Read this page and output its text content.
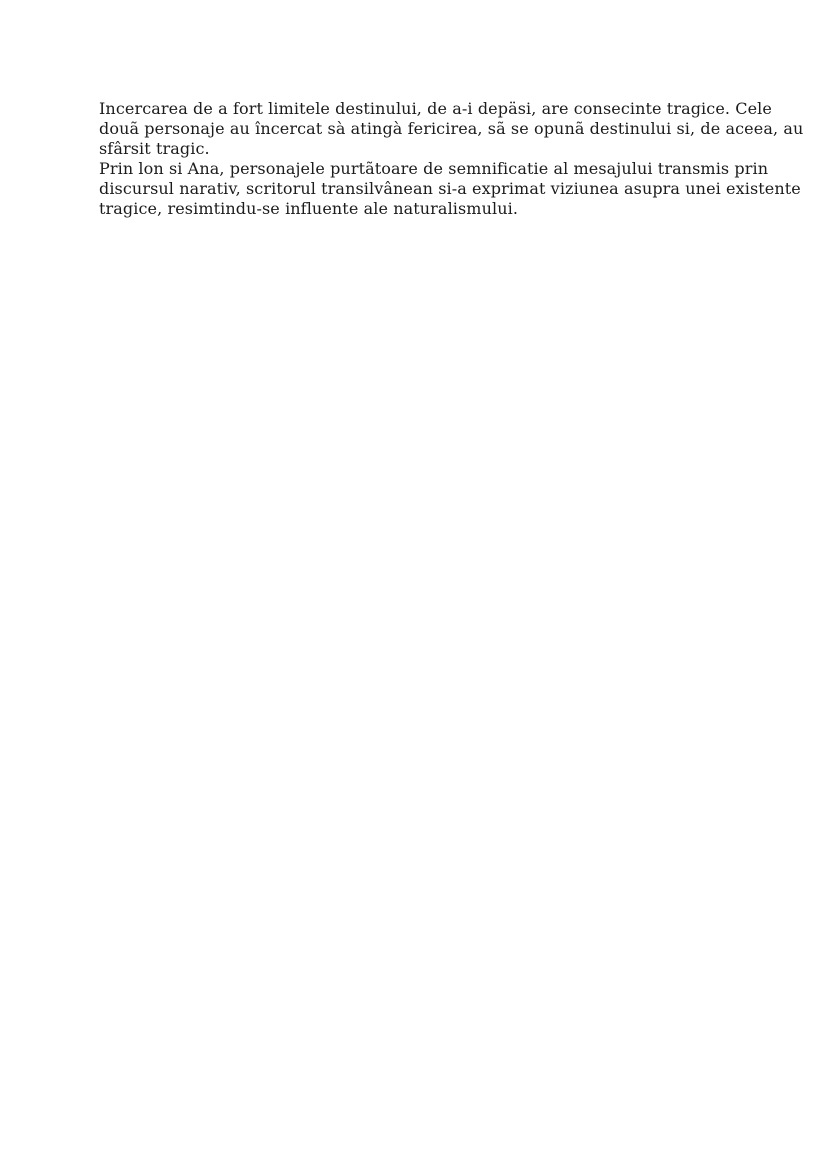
Incercarea de a fort limitele destinului, de a-i depäsi, are consecinte tragice. Cele
douã personaje au încercat sà atingà fericirea, sã se opunã destinului si, de aceea, au
sfârsit tragic.
Prin lon si Ana, personajele purtãtoare de semnificatie al mesajului transmis prin
discursul narativ, scritorul transilvânean si-a exprimat viziunea asupra unei existente
tragice, resimtindu-se influente ale naturalismului.
